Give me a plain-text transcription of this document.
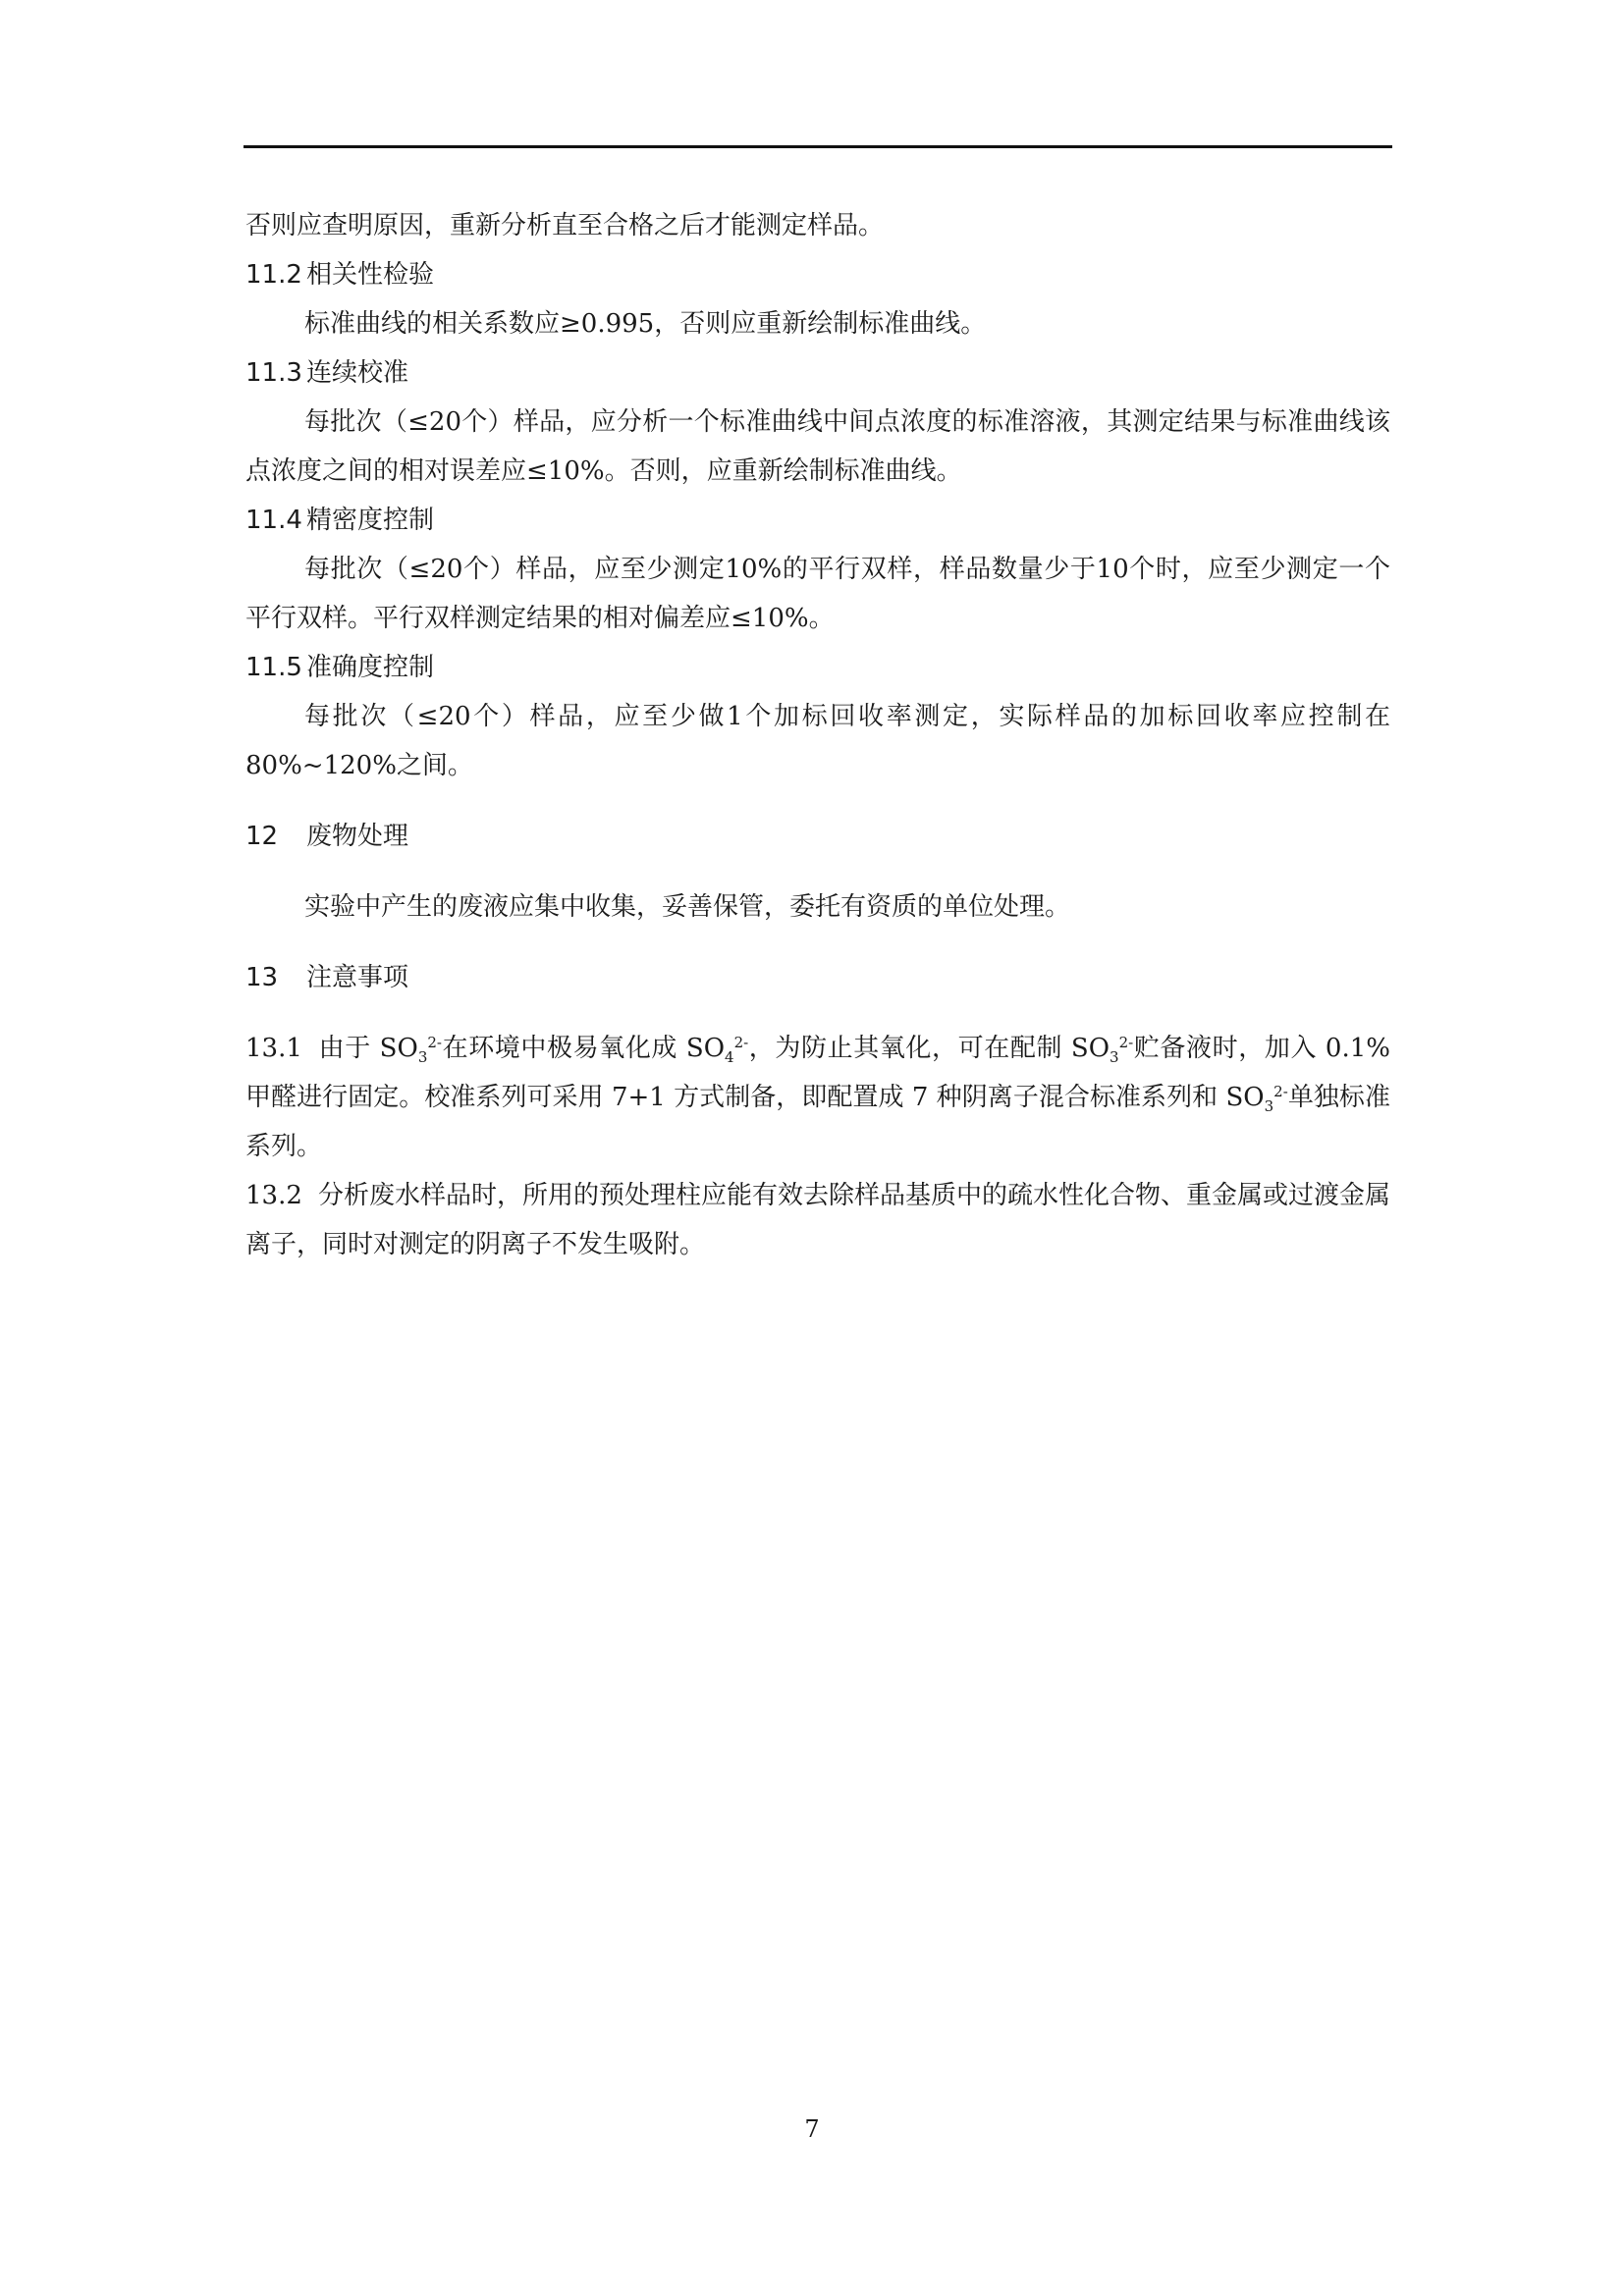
否则应查明原因，重新分析直至合格之后才能测定样品。

11.2 相关性检验

标准曲线的相关系数应≥0.995，否则应重新绘制标准曲线。

11.3 连续校准

每批次（≤20个）样品，应分析一个标准曲线中间点浓度的标准溶液，其测定结果与标准曲线该点浓度之间的相对误差应≤10%。否则，应重新绘制标准曲线。

11.4 精密度控制

每批次（≤20个）样品，应至少测定10%的平行双样，样品数量少于10个时，应至少测定一个平行双样。平行双样测定结果的相对偏差应≤10%。

11.5 准确度控制

每批次（≤20个）样品，应至少做1个加标回收率测定，实际样品的加标回收率应控制在80%~120%之间。

12 废物处理

实验中产生的废液应集中收集，妥善保管，委托有资质的单位处理。

13 注意事项

13.1 由于 $SO_3^{2-}$在环境中极易氧化成 $SO_4^{2-}$，为防止其氧化，可在配制 $SO_3^{2-}$贮备液时，加入 0.1%甲醛进行固定。校准系列可采用 7+1 方式制备，即配置成 7 种阴离子混合标准系列和 $SO_3^{2-}$单独标准系列。

13.2 分析废水样品时，所用的预处理柱应能有效去除样品基质中的疏水性化合物、重金属或过渡金属离子，同时对测定的阴离子不发生吸附。

7
